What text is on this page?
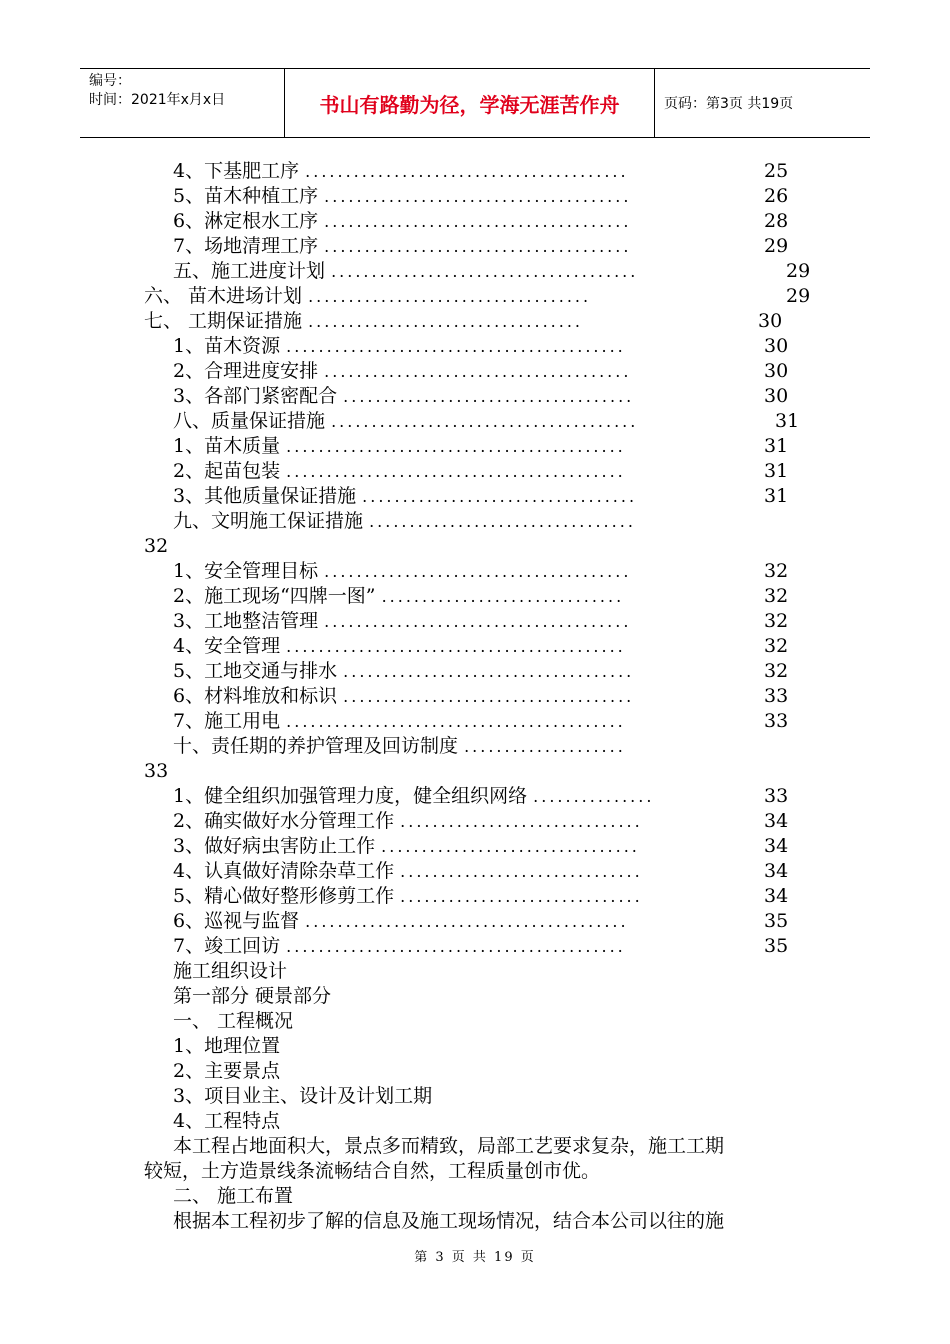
编号：
时间：2021年x月x日	书山有路勤为径，学海无涯苦作舟	页码：第3页 共19页
4、下基肥工序 ........................................	25
5、苗木种植工序 ......................................	26
6、淋定根水工序 ......................................	28
7、场地清理工序 ......................................	29
五、施工进度计划 ......................................	29
六、 苗木进场计划 ...................................	29
七、 工期保证措施 ..................................	30
1、苗木资源 ..........................................	30
2、合理进度安排 ......................................	30
3、各部门紧密配合 ....................................	30
八、质量保证措施 ......................................	31
1、苗木质量 ..........................................	31
2、起苗包装 ..........................................	31
3、其他质量保证措施 ..................................	31
九、文明施工保证措施 .................................
32
1、安全管理目标 ......................................	32
2、施工现场“四牌一图” ..............................	32
3、工地整洁管理 ......................................	32
4、安全管理 ..........................................	32
5、工地交通与排水 ....................................	32
6、材料堆放和标识 ....................................	33
7、施工用电 ..........................................	33
十、责任期的养护管理及回访制度 ....................
33
1、健全组织加强管理力度，健全组织网络 ...............	33
2、确实做好水分管理工作 ..............................	34
3、做好病虫害防止工作 ................................	34
4、认真做好清除杂草工作 ..............................	34
5、精心做好整形修剪工作 ..............................	34
6、巡视与监督 ........................................	35
7、竣工回访 ..........................................	35
施工组织设计
第一部分 硬景部分
一、 工程概况
1、地理位置
2、主要景点
3、项目业主、设计及计划工期
4、工程特点
本工程占地面积大，景点多而精致，局部工艺要求复杂，施工工期
较短，土方造景线条流畅结合自然，工程质量创市优。
二、 施工布置
根据本工程初步了解的信息及施工现场情况，结合本公司以往的施
第 3 页 共 19 页
